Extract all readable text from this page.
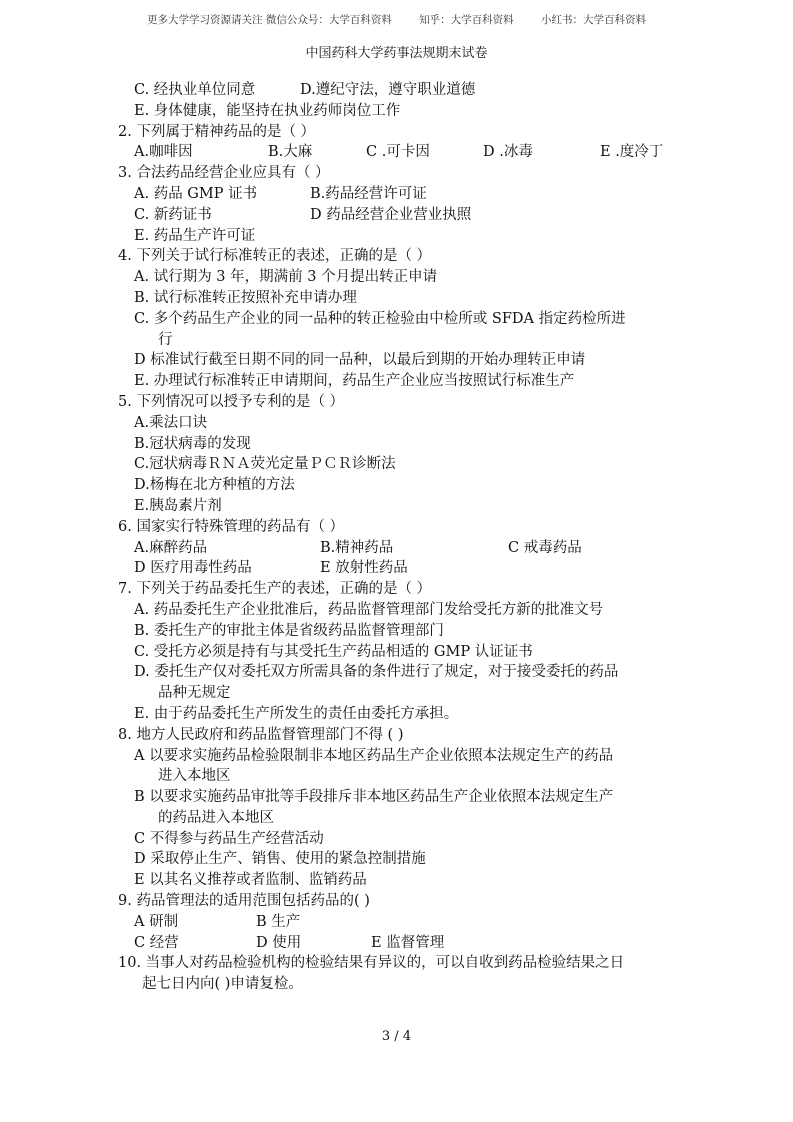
更多大学学习资源请关注 微信公众号：大学百科资料	知乎：大学百科资料	小红书：大学百科资料
中国药科大学药事法规期末试卷
C. 经执业单位同意	D.遵纪守法，遵守职业道德
E. 身体健康，能坚持在执业药师岗位工作
2. 下列属于精神药品的是（ ）
A.咖啡因	B.大麻	C .可卡因	D .冰毒	E .度冷丁
3. 合法药品经营企业应具有（ ）
A. 药品 GMP 证书	B.药品经营许可证
C. 新药证书	D 药品经营企业营业执照
E. 药品生产许可证
4. 下列关于试行标准转正的表述，正确的是（ ）
A. 试行期为 3 年，期满前 3 个月提出转正申请
B. 试行标准转正按照补充申请办理
C. 多个药品生产企业的同一品种的转正检验由中检所或 SFDA 指定药检所进
行
D 标准试行截至日期不同的同一品种，以最后到期的开始办理转正申请
E. 办理试行标准转正申请期间，药品生产企业应当按照试行标准生产
5. 下列情况可以授予专利的是（ ）
A.乘法口诀
B.冠状病毒的发现
C.冠状病毒ＲＮＡ荧光定量ＰＣＲ诊断法
D.杨梅在北方种植的方法
E.胰岛素片剂
6. 国家实行特殊管理的药品有（ ）
A.麻醉药品	B.精神药品	C 戒毒药品
D 医疗用毒性药品	E 放射性药品
7. 下列关于药品委托生产的表述，正确的是（ ）
A. 药品委托生产企业批准后，药品监督管理部门发给受托方新的批准文号
B. 委托生产的审批主体是省级药品监督管理部门
C. 受托方必须是持有与其受托生产药品相适的 GMP 认证证书
D. 委托生产仅对委托双方所需具备的条件进行了规定，对于接受委托的药品
品种无规定
E. 由于药品委托生产所发生的责任由委托方承担。
8. 地方人民政府和药品监督管理部门不得 ( )
A 以要求实施药品检验限制非本地区药品生产企业依照本法规定生产的药品
进入本地区
B 以要求实施药品审批等手段排斥非本地区药品生产企业依照本法规定生产
的药品进入本地区
C 不得参与药品生产经营活动
D 采取停止生产、销售、使用的紧急控制措施
E 以其名义推荐或者监制、监销药品
9. 药品管理法的适用范围包括药品的( )
A 研制	B 生产
C 经营	D 使用	E 监督管理
10. 当事人对药品检验机构的检验结果有异议的，可以自收到药品检验结果之日
起七日内向( )申请复检。
3 / 4
